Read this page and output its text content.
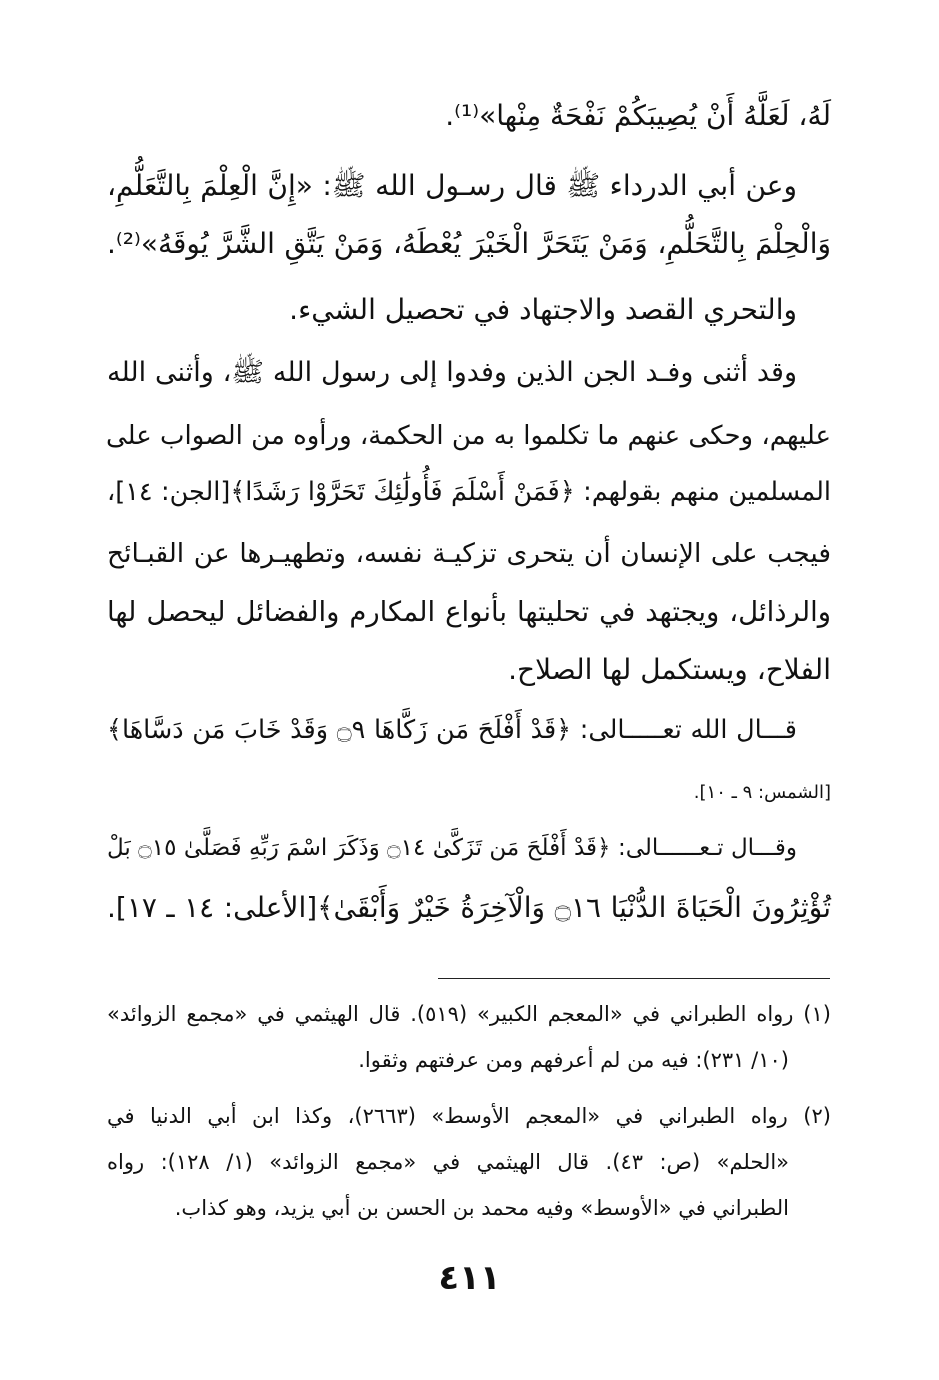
لَهُ، لَعَلَّهُ أَنْ يُصِيبَكُمْ نَفْحَةٌ مِنْها»⁽¹⁾.
وعن أبي الدرداء ﷺ قال رسـول الله ﷺ: «إِنَّ الْعِلْمَ بِالتَّعَلُّمِ،
وَالْحِلْمَ بِالتَّحَلُّمِ، وَمَنْ يَتَحَرَّ الْخَيْرَ يُعْطَهُ، وَمَنْ يَتَّقِ الشَّرَّ يُوقَهُ»⁽²⁾.
والتحري القصد والاجتهاد في تحصيل الشيء.
وقد أثنى وفـد الجن الذين وفدوا إلى رسول الله ﷺ، وأثنى الله
عليهم، وحكى عنهم ما تكلموا به من الحكمة، ورأوه من الصواب على
المسلمين منهم بقولهم: ﴿فَمَنْ أَسْلَمَ فَأُولَٰئِكَ تَحَرَّوْا رَشَدًا﴾[الجن: ١٤]،
فيجب على الإنسان أن يتحرى تزكيـة نفسه، وتطهيـرها عن القبـائح
والرذائل، ويجتهد في تحليتها بأنواع المكارم والفضائل ليحصل لها
الفلاح، ويستكمل لها الصلاح.
قـــال الله تعـــــالى: ﴿قَدْ أَفْلَحَ مَن زَكَّاهَا ۝٩ وَقَدْ خَابَ مَن دَسَّاهَا﴾
[الشمس: ٩ ـ ١٠].
وقـــال تـعــــــالى: ﴿قَدْ أَفْلَحَ مَن تَزَكَّىٰ ۝١٤ وَذَكَرَ اسْمَ رَبِّهِ فَصَلَّىٰ ۝١٥ بَلْ
تُؤْثِرُونَ الْحَيَاةَ الدُّنْيَا ۝١٦ وَالْآخِرَةُ خَيْرٌ وَأَبْقَىٰ﴾[الأعلى: ١٤ ـ ١٧].
(١) رواه الطبراني في «المعجم الكبير» (٥١٩). قال الهيثمي في «مجمع الزوائد»
(١٠/ ٢٣١): فيه من لم أعرفهم ومن عرفتهم وثقوا.
(٢) رواه الطبراني في «المعجم الأوسط» (٢٦٦٣)، وكذا ابن أبي الدنيا في
«الحلم» (ص: ٤٣). قال الهيثمي في «مجمع الزوائد» (١/ ١٢٨): رواه
الطبراني في «الأوسط» وفيه محمد بن الحسن بن أبي يزيد، وهو كذاب.
٤١١
